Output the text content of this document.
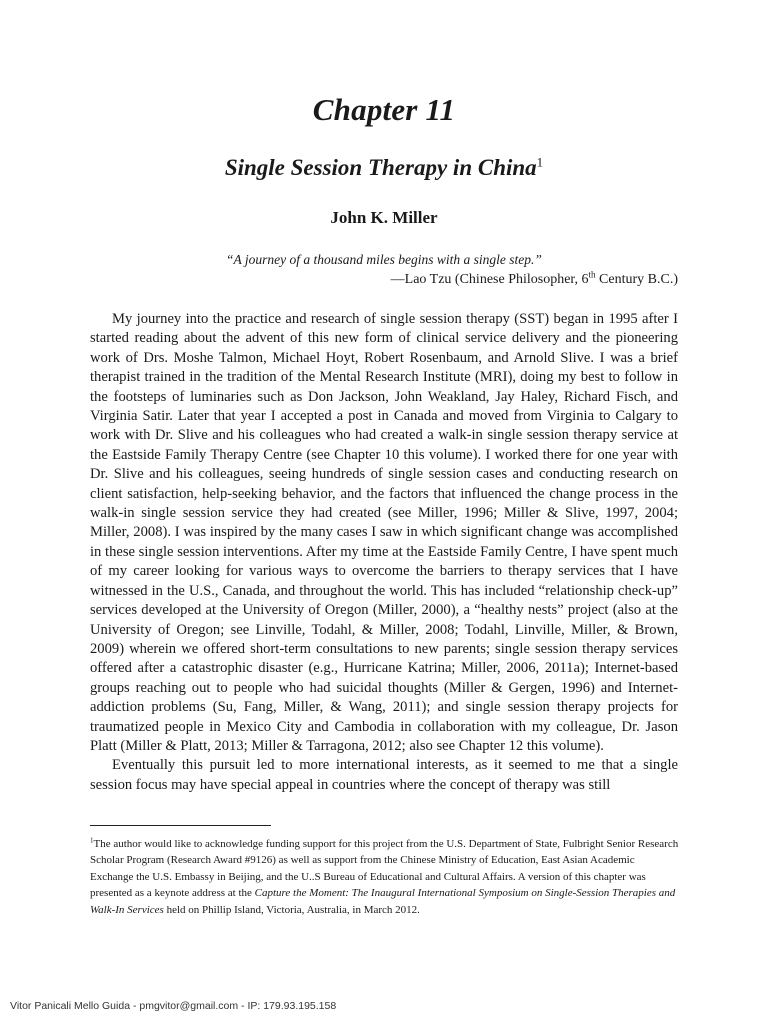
Chapter 11
Single Session Therapy in China$^1$
John K. Miller
“A journey of a thousand miles begins with a single step.”
—Lao Tzu (Chinese Philosopher, 6th Century B.C.)

My journey into the practice and research of single session therapy (SST) began in 1995 after I started reading about the advent of this new form of clinical service delivery and the pioneering work of Drs. Moshe Talmon, Michael Hoyt, Robert Rosenbaum, and Arnold Slive. I was a brief therapist trained in the tradition of the Mental Research Institute (MRI), doing my best to follow in the footsteps of luminaries such as Don Jackson, John Weakland, Jay Haley, Richard Fisch, and Virginia Satir. Later that year I accepted a post in Canada and moved from Virginia to Calgary to work with Dr. Slive and his colleagues who had created a walk-in single session therapy service at the Eastside Family Therapy Centre (see Chapter 10 this volume). I worked there for one year with Dr. Slive and his colleagues, seeing hundreds of single session cases and conducting research on client satisfaction, help-seeking behavior, and the factors that influenced the change process in the walk-in single session service they had created (see Miller, 1996; Miller & Slive, 1997, 2004; Miller, 2008). I was inspired by the many cases I saw in which significant change was accomplished in these single session interventions. After my time at the Eastside Family Centre, I have spent much of my career looking for various ways to overcome the barriers to therapy services that I have witnessed in the U.S., Canada, and throughout the world. This has included “relationship check-up” services developed at the University of Oregon (Miller, 2000), a “healthy nests” project (also at the University of Oregon; see Linville, Todahl, & Miller, 2008; Todahl, Linville, Miller, & Brown, 2009) wherein we offered short-term consultations to new parents; single session therapy services offered after a catastrophic disaster (e.g., Hurricane Katrina; Miller, 2006, 2011a); Internet-based groups reaching out to people who had suicidal thoughts (Miller & Gergen, 1996) and Internet-addiction problems (Su, Fang, Miller, & Wang, 2011); and single session therapy projects for traumatized people in Mexico City and Cambodia in collaboration with my colleague, Dr. Jason Platt (Miller & Platt, 2013; Miller & Tarragona, 2012; also see Chapter 12 this volume).

Eventually this pursuit led to more international interests, as it seemed to me that a single session focus may have special appeal in countries where the concept of therapy was still

$^1$The author would like to acknowledge funding support for this project from the U.S. Department of State, Fulbright Senior Research Scholar Program (Research Award #9126) as well as support from the Chinese Ministry of Education, East Asian Academic Exchange the U.S. Embassy in Beijing, and the U..S Bureau of Educational and Cultural Affairs. A version of this chapter was presented as a keynote address at the Capture the Moment: The Inaugural International Symposium on Single-Session Therapies and Walk-In Services held on Phillip Island, Victoria, Australia, in March 2012.
Vitor Panicali Mello Guida - pmgvitor@gmail.com - IP: 179.93.195.158
